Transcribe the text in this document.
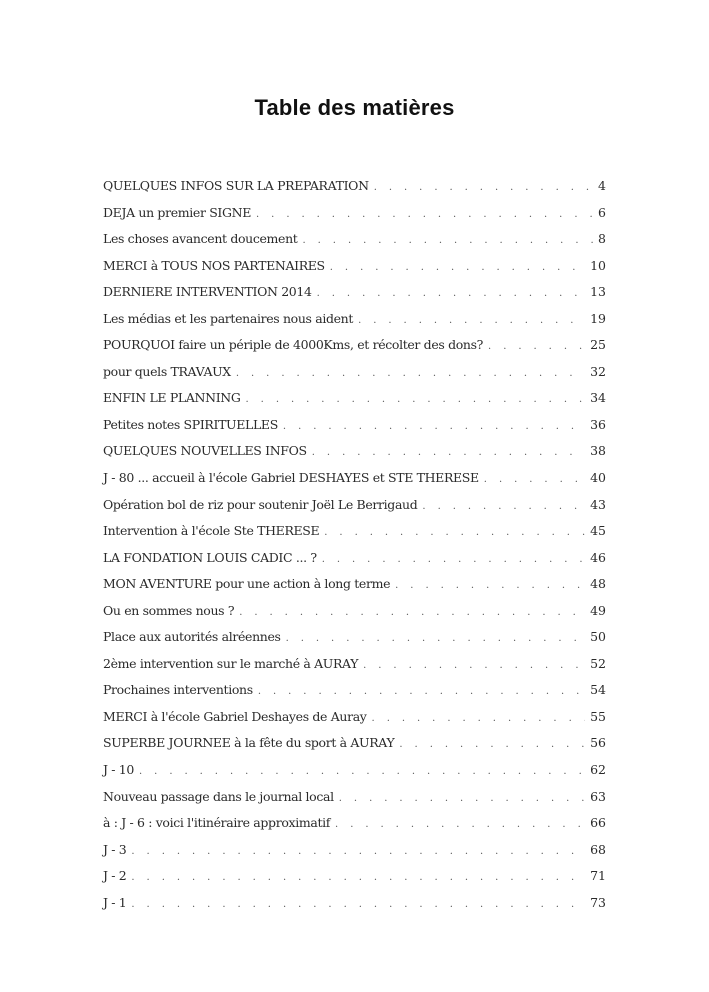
Table des matières
QUELQUES INFOS SUR LA PREPARATION . . .	4
DEJA un premier SIGNE . . .	6
Les choses avancent doucement . . .	8
MERCI à TOUS NOS PARTENAIRES . . .	10
DERNIERE INTERVENTION 2014 . . .	13
Les médias et les partenaires nous aident . . .	19
POURQUOI faire un périple de 4000Kms, et récolter des dons? . . .	25
pour quels TRAVAUX . . .	32
ENFIN LE PLANNING . . .	34
Petites notes SPIRITUELLES . . .	36
QUELQUES NOUVELLES INFOS . . .	38
J - 80 ... accueil à l'école Gabriel DESHAYES et STE THERESE . . .	40
Opération bol de riz pour soutenir Joël Le Berrigaud . . .	43
Intervention à l'école Ste THERESE . . .	45
LA FONDATION LOUIS CADIC ... ? . . .	46
MON AVENTURE pour une action à long terme . . .	48
Ou en sommes nous ? . . .	49
Place aux autorités alréennes . . .	50
2ème intervention sur le marché à AURAY . . .	52
Prochaines interventions . . .	54
MERCI à l'école Gabriel Deshayes de Auray . . .	55
SUPERBE JOURNEE à la fête du sport à AURAY . . .	56
J - 10 . . .	62
Nouveau passage dans le journal local . . .	63
à : J - 6 : voici l'itinéraire approximatif . . .	66
J - 3 . . .	68
J - 2 . . .	71
J - 1 . . .	73
